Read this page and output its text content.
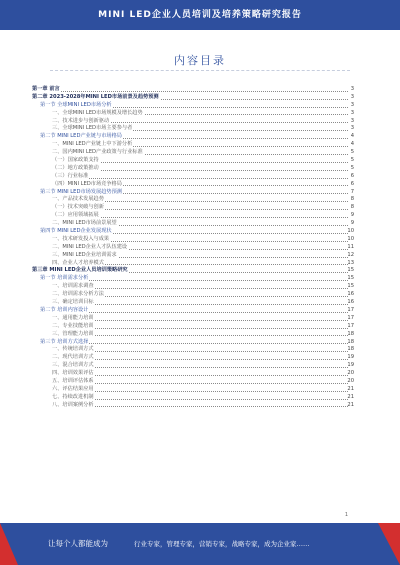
MINI LED企业人员培训及培养策略研究报告
内容目录
第一章 前言	3
第二章 2023-2028年MINI LED市场前景及趋势预测	3
第一节 全球MINI LED市场分析	3
一、全球MINI LED市场规模及增长趋势	3
二、技术进步与创新驱动	3
三、全球MINI LED市场主要参与者	3
第二节 MINI LED产业链与市场格局	4
一、MINI LED产业链上中下游分析	4
二、国内MINI LED产业政策与行业标准	5
（一）国家政策支持	5
（二）地方政策推动	5
（三）行业标准	6
（四）MINI LED市场竞争格局	6
第三节 MINI LED市场发展趋势预测	7
一、产品技术发展趋势	8
（一）技术突破与创新	8
（二）应用领域拓展	9
二、MINI LED市场前景展望	9
第四节 MINI LED企业发展现状	10
一、技术研发投入与成果	10
二、MINI LED企业人才队伍建设	11
三、MINI LED企业培训需求	12
四、企业人才培养模式	13
第三章 MINI LED企业人员培训策略研究	15
第一节 培训需求分析	15
一、培训需求调查	15
二、培训需求分析方法	16
三、确定培训目标	16
第二节 培训内容设计	17
一、通用能力培训	17
二、专业技能培训	17
三、管理能力培训	18
第三节 培训方式选择	18
一、传统培训方式	18
二、现代培训方式	19
三、混合培训方式	19
四、培训效果评估	20
五、培训评估体系	20
六、评估结果应用	21
七、持续改进机制	21
八、培训案例分析	21
1
让每个人都能成为	行业专家，管理专家，营销专家，战略专家，成为企业家……
